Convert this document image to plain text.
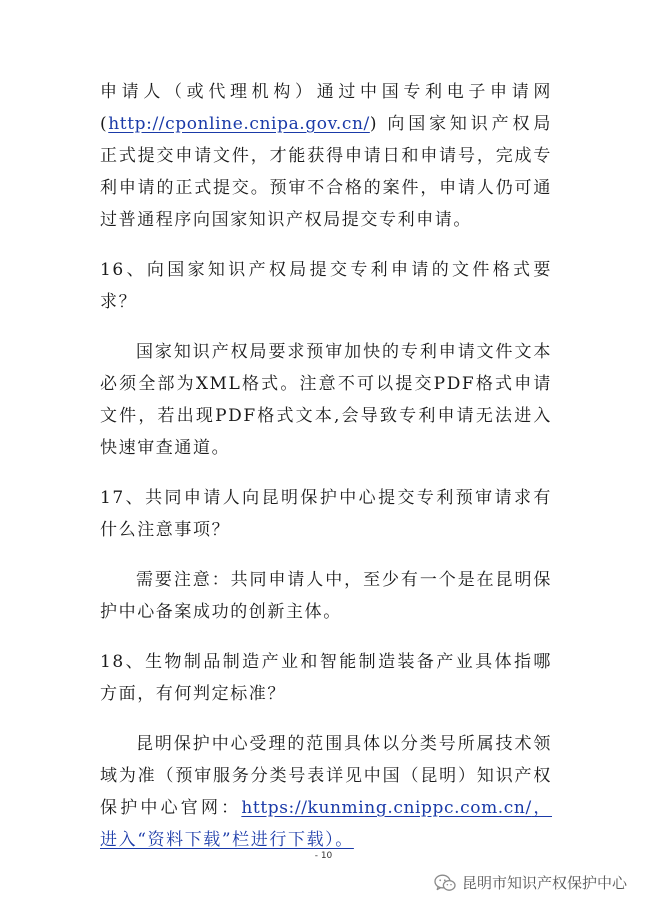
申请人（或代理机构）通过中国专利电子申请网(http://cponline.cnipa.gov.cn/) 向国家知识产权局正式提交申请文件，才能获得申请日和申请号，完成专利申请的正式提交。预审不合格的案件，申请人仍可通过普通程序向国家知识产权局提交专利申请。

16、向国家知识产权局提交专利申请的文件格式要求？

国家知识产权局要求预审加快的专利申请文件文本必须全部为XML格式。注意不可以提交PDF格式申请文件，若出现PDF格式文本,会导致专利申请无法进入快速审查通道。

17、共同申请人向昆明保护中心提交专利预审请求有什么注意事项？

需要注意：共同申请人中，至少有一个是在昆明保护中心备案成功的创新主体。

18、生物制品制造产业和智能制造装备产业具体指哪方面，有何判定标准？

昆明保护中心受理的范围具体以分类号所属技术领域为准（预审服务分类号表详见中国（昆明）知识产权保护中心官网：https://kunming.cnippc.com.cn/，进入“资料下载”栏进行下载）。

- 10
昆明市知识产权保护中心
